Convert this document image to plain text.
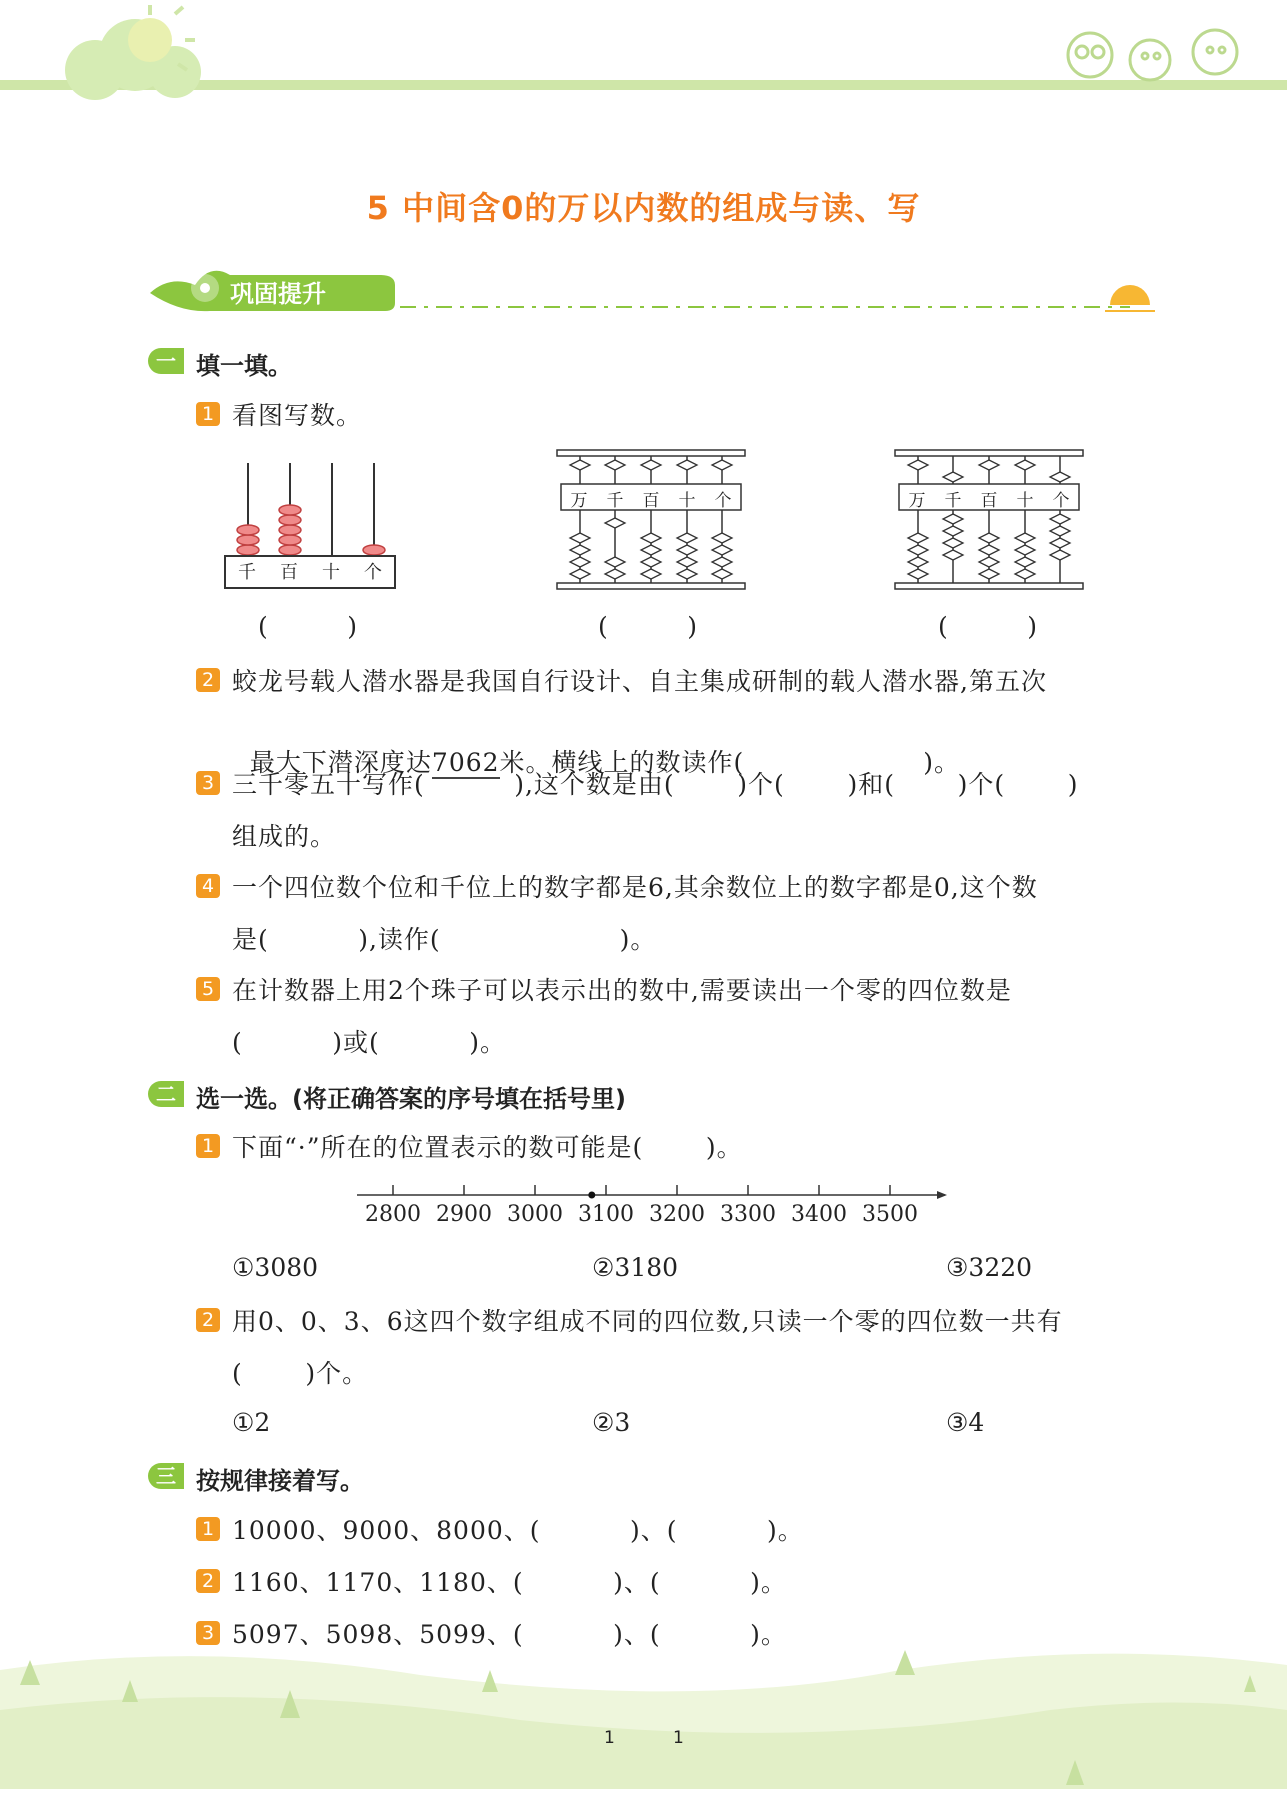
5 中间含0的万以内数的组成与读、写
巩固提升
一 填一填。
1 看图写数。
千 百 十 个
万 千 百 十 个	万 千 百 十 个
(          )	(          )	(          )
2 蛟龙号载人潜水器是我国自行设计、自主集成研制的载人潜水器,第五次

最大下潜深度达7062米。横线上的数读作(                    )。

3 三千零五十写作(          ),这个数是由(       )个(       )和(       )个(       )
组成的。
4 一个四位数个位和千位上的数字都是6,其余数位上的数字都是0,这个数
是(          ),读作(                    )。
5 在计数器上用2个珠子可以表示出的数中,需要读出一个零的四位数是
(          )或(          )。
二 选一选。(将正确答案的序号填在括号里)
1 下面“·”所在的位置表示的数可能是(       )。
2800 2900 3000 3100 3200 3300 3400 3500
①3080	②3180	③3220
2 用0、0、3、6这四个数字组成不同的四位数,只读一个零的四位数一共有
(       )个。
①2	②3	③4
三 按规律接着写。
1 10000、9000、8000、(          )、(          )。
2 1160、1170、1180、(          )、(          )。
3 5097、5098、5099、(          )、(          )。
1	1
